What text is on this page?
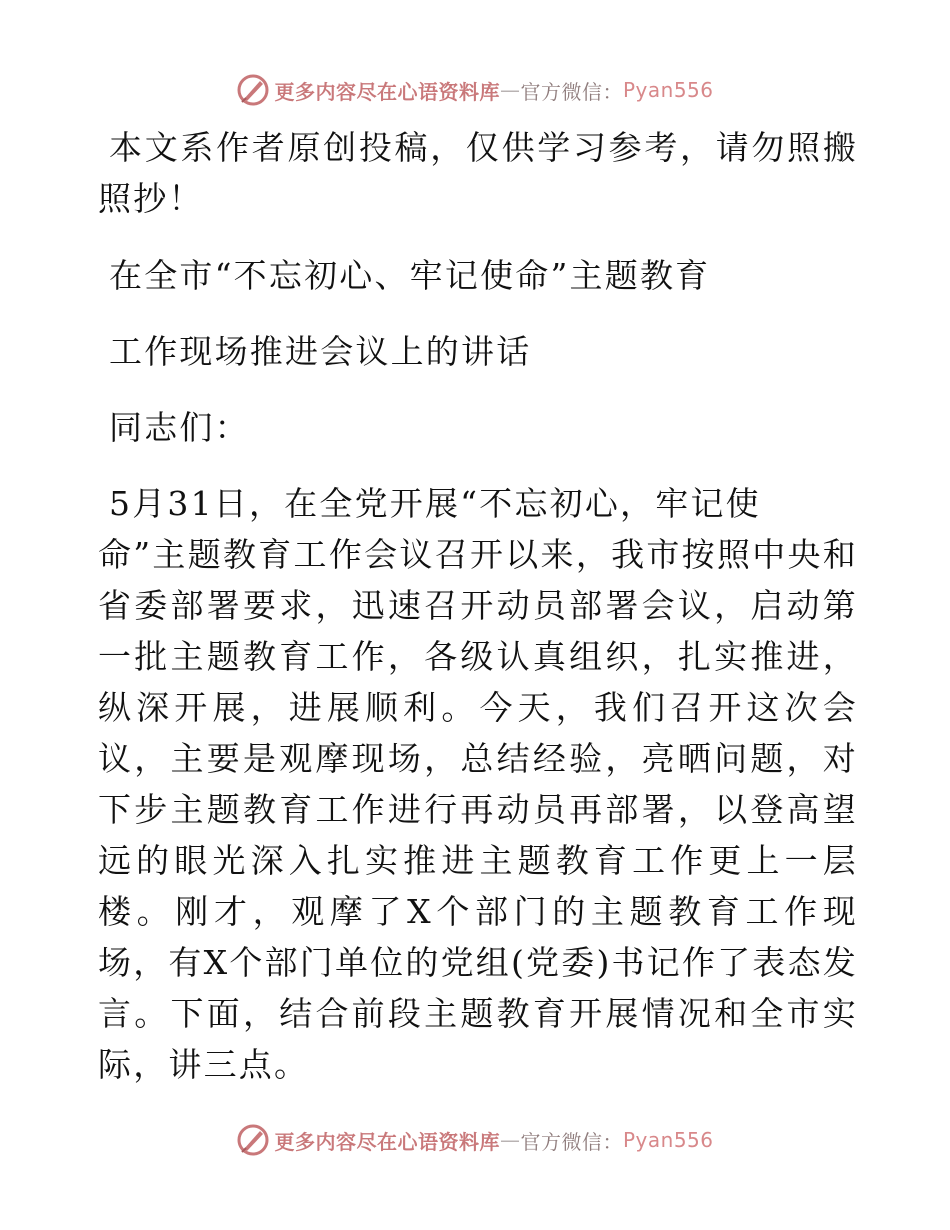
更多内容尽在心语资料库 — 官方微信： Pyan556

本文系作者原创投稿，仅供学习参考，请勿照搬照抄！

在全市“不忘初心、牢记使命”主题教育

工作现场推进会议上的讲话

同志们：

5月31日，在全党开展“不忘初心，牢记使

命”主题教育工作会议召开以来，我市按照中央和省委部署要求，迅速召开动员部署会议，启动第一批主题教育工作，各级认真组织，扎实推进，纵深开展，进展顺利。今天，我们召开这次会议，主要是观摩现场，总结经验，亮晒问题，对下步主题教育工作进行再动员再部署，以登高望远的眼光深入扎实推进主题教育工作更上一层楼。刚才，观摩了X个部门的主题教育工作现场，有X个部门单位的党组(党委)书记作了表态发言。下面，结合前段主题教育开展情况和全市实际，讲三点。

更多内容尽在心语资料库 — 官方微信： Pyan556
